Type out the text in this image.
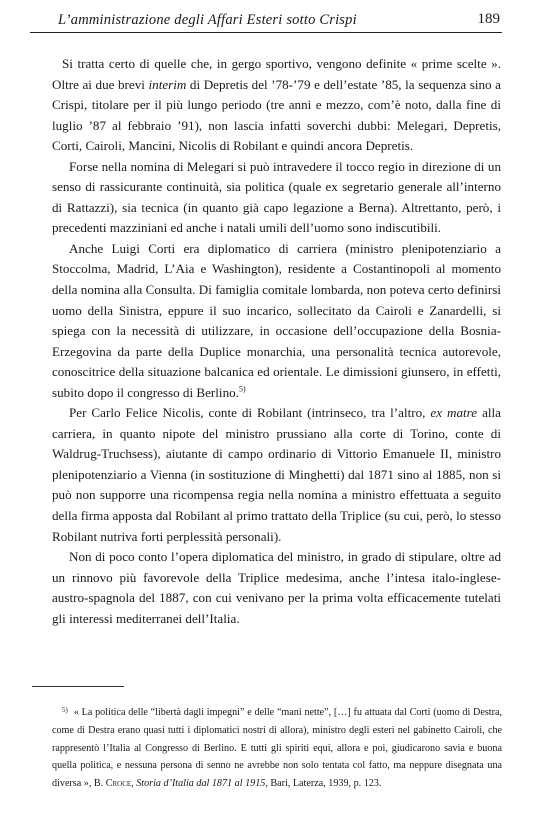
L’amministrazione degli Affari Esteri sotto Crispi	189

Si tratta certo di quelle che, in gergo sportivo, vengono definite « prime scelte ». Oltre ai due brevi interim di Depretis del ’78-’79 e dell’estate ’85, la sequenza sino a Crispi, titolare per il più lungo periodo (tre anni e mezzo, com’è noto, dalla fine di luglio ’87 al febbraio ’91), non lascia infatti soverchi dubbi: Melegari, Depretis, Corti, Cairoli, Mancini, Nicolis di Robilant e quindi ancora Depretis.

Forse nella nomina di Melegari si può intravedere il tocco regio in direzione di un senso di rassicurante continuità, sia politica (quale ex segretario generale all’interno di Rattazzi), sia tecnica (in quanto già capo legazione a Berna). Altrettanto, però, i precedenti mazziniani ed anche i natali umili dell’uomo sono indiscutibili.

Anche Luigi Corti era diplomatico di carriera (ministro plenipotenziario a Stoccolma, Madrid, L’Aia e Washington), residente a Costantinopoli al momento della nomina alla Consulta. Di famiglia comitale lombarda, non poteva certo definirsi uomo della Sinistra, eppure il suo incarico, sollecitato da Cairoli e Zanardelli, si spiega con la necessità di utilizzare, in occasione dell’occupazione della Bosnia-Erzegovina da parte della Duplice monarchia, una personalità tecnica autorevole, conoscitrice della situazione balcanica ed orientale. Le dimissioni giunsero, in effetti, subito dopo il congresso di Berlino.$^{5)}$

Per Carlo Felice Nicolis, conte di Robilant (intrinseco, tra l’altro, ex matre alla carriera, in quanto nipote del ministro prussiano alla corte di Torino, conte di Waldrug-Truchsess), aiutante di campo ordinario di Vittorio Emanuele II, ministro plenipotenziario a Vienna (in sostituzione di Minghetti) dal 1871 sino al 1885, non si può non supporre una ricompensa regia nella nomina a ministro effettuata a seguito della firma apposta dal Robilant al primo trattato della Triplice (su cui, però, lo stesso Robilant nutriva forti perplessità personali).

Non di poco conto l’opera diplomatica del ministro, in grado di stipulare, oltre ad un rinnovo più favorevole della Triplice medesima, anche l’intesa italo-inglese-austro-spagnola del 1887, con cui venivano per la prima volta efficacemente tutelati gli interessi mediterranei dell’Italia.

5) « La politica delle “libertà dagli impegni” e delle “mani nette”, […] fu attuata dal Corti (uomo di Destra, come di Destra erano quasi tutti i diplomatici nostri di allora), ministro degli esteri nel gabinetto Cairoli, che rappresentò l’Italia al Congresso di Berlino. E tutti gli spiriti equi, allora e poi, giudicarono savia e buona quella politica, e nessuna persona di senno ne avrebbe non solo tentata col fatto, ma neppure disegnata una diversa », B. Croce, Storia d’Italia dal 1871 al 1915, Bari, Laterza, 1939, p. 123.
